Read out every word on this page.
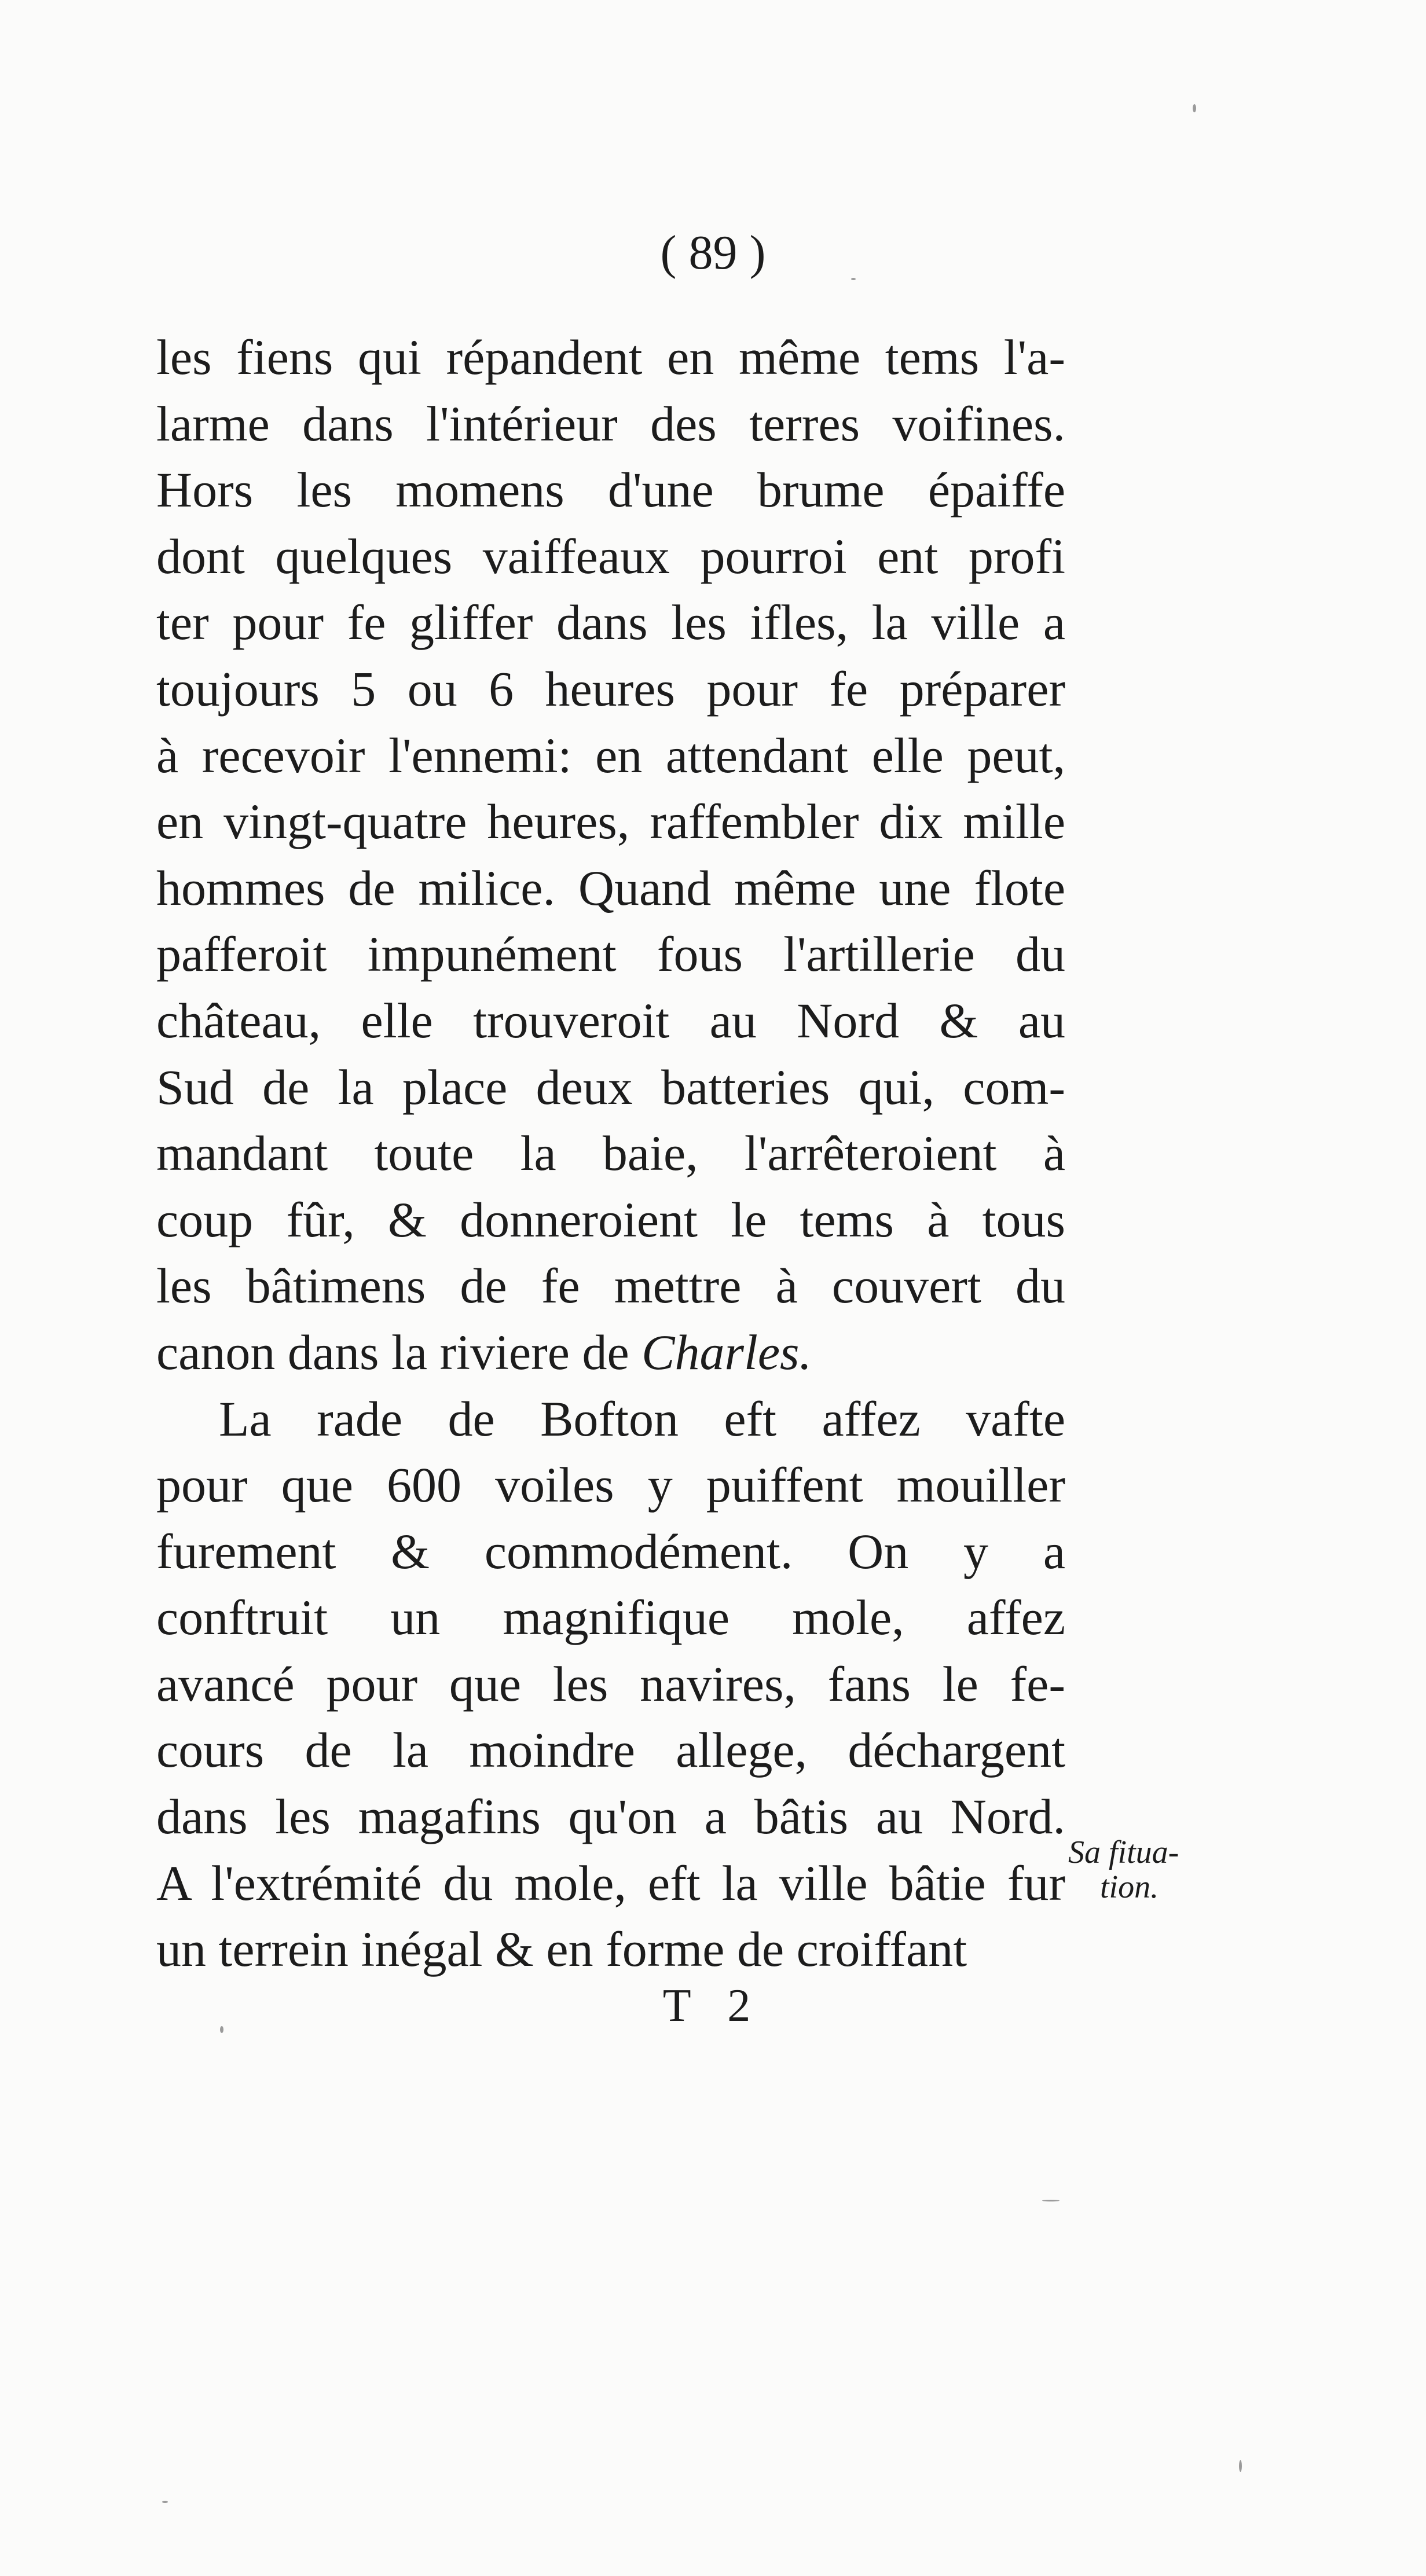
( 89 )
les fiens qui répandent en même tems l'a-
larme dans l'intérieur des terres voifines.
Hors les momens d'une brume épaiffe
dont quelques vaiffeaux pourroi ent profi
ter pour fe gliffer dans les ifles, la ville a
toujours 5 ou 6 heures pour fe préparer
à recevoir l'ennemi: en attendant elle peut,
en vingt-quatre heures, raffembler dix mille
hommes de milice. Quand même une flote
pafferoit impunément fous l'artillerie du
château, elle trouveroit au Nord & au
Sud de la place deux batteries qui, com-
mandant toute la baie, l'arrêteroient à
coup fûr, & donneroient le tems à tous
les bâtimens de fe mettre à couvert du
canon dans la riviere de Charles.
La rade de Bofton eft affez vafte
pour que 600 voiles y puiffent mouiller
furement & commodément. On y a
conftruit un magnifique mole, affez
avancé pour que les navires, fans le fe-
cours de la moindre allege, déchargent
dans les magafins qu'on a bâtis au Nord.
A l'extrémité du mole, eft la ville bâtie fur
un terrein inégal & en forme de croiffant
Sa fitua-
tion.
T 2
